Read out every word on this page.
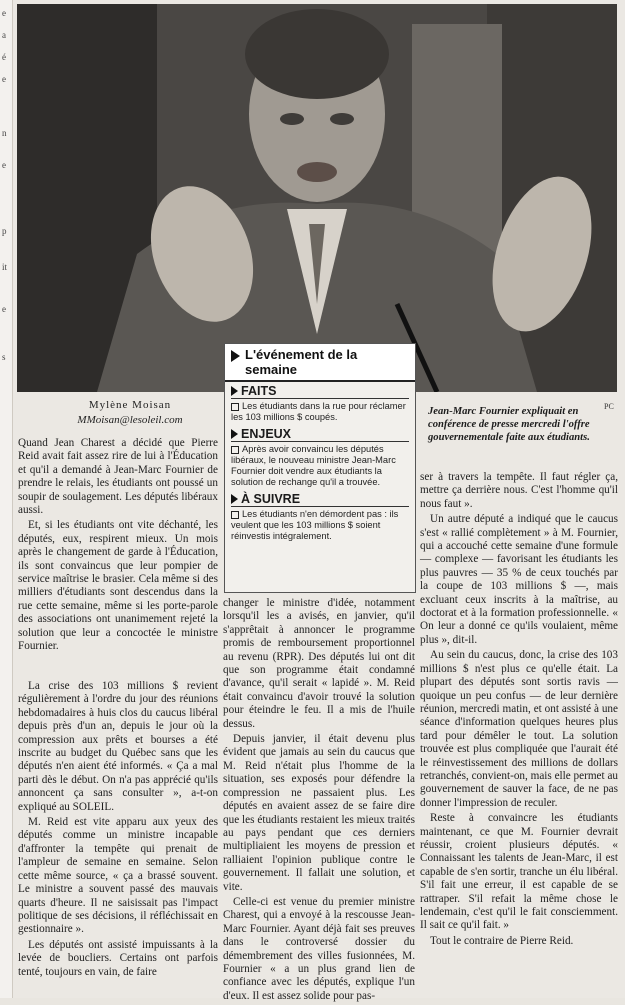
e
a
é
e
n
e
p
it
e
s
PC
Mylène Moisan
MMoisan@lesoleil.com
Jean-Marc Fournier expliquait en conférence de presse mercredi l'offre gouvernementale faite aux étudiants.

Quand Jean Charest a décidé que Pierre Reid avait fait assez rire de lui à l'Éducation et qu'il a demandé à Jean-Marc Fournier de prendre le relais, les étudiants ont poussé un soupir de soulagement. Les députés libéraux aussi.

Et, si les étudiants ont vite déchanté, les députés, eux, respirent mieux. Un mois après le changement de garde à l'Éducation, ils sont convaincus que leur pompier de service maîtrise le brasier. Cela même si des milliers d'étudiants sont descendus dans la rue cette semaine, même si les porte-parole des associations ont unanimement rejeté la solution que leur a concoctée le ministre Fournier.

La crise des 103 millions $ revient régulièrement à l'ordre du jour des réunions hebdomadaires à huis clos du caucus libéral depuis près d'un an, depuis le jour où la compression aux prêts et bourses a été inscrite au budget du Québec sans que les députés n'en aient été informés. « Ça a mal parti dès le début. On n'a pas apprécié qu'ils annoncent ça sans consulter », a-t-on expliqué au SOLEIL.

M. Reid est vite apparu aux yeux des députés comme un ministre incapable d'affronter la tempête qui prenait de l'ampleur de semaine en semaine. Selon cette même source, « ça a brassé souvent. Le ministre a souvent passé des mauvais quarts d'heure. Il ne saisissait pas l'impact politique de ses décisions, il réfléchissait en gestionnaire ».

Les députés ont assisté impuissants à la levée de boucliers. Certains ont parfois tenté, toujours en vain, de faire

L'événement de la semaine
FAITS
Les étudiants dans la rue pour réclamer les 103 millions $ coupés.
ENJEUX
Après avoir convaincu les députés libéraux, le nouveau ministre Jean-Marc Fournier doit vendre aux étudiants la solution de rechange qu'il a trouvée.
À SUIVRE
Les étudiants n'en démordent pas : ils veulent que les 103 millions $ soient réinvestis intégralement.

changer le ministre d'idée, notamment lorsqu'il les a avisés, en janvier, qu'il s'apprêtait à annoncer le programme promis de remboursement proportionnel au revenu (RPR). Des députés lui ont dit que son programme était condamné d'avance, qu'il serait « lapidé ». M. Reid était convaincu d'avoir trouvé la solution pour éteindre le feu. Il a mis de l'huile dessus.

Depuis janvier, il était devenu plus évident que jamais au sein du caucus que M. Reid n'était plus l'homme de la situation, ses exposés pour défendre la compression ne passaient plus. Les députés en avaient assez de se faire dire que les étudiants restaient les mieux traités au pays pendant que ces derniers multipliaient les moyens de pression et ralliaient l'opinion publique contre le gouvernement. Il fallait une solution, et vite.

Celle-ci est venue du premier ministre Charest, qui a envoyé à la rescousse Jean-Marc Fournier. Ayant déjà fait ses preuves dans le controversé dossier du démembrement des villes fusionnées, M. Fournier « a un plus grand lien de confiance avec les députés, explique l'un d'eux. Il est assez solide pour pas-

ser à travers la tempête. Il faut régler ça, mettre ça derrière nous. C'est l'homme qu'il nous faut ».

Un autre député a indiqué que le caucus s'est « rallié complètement » à M. Fournier, qui a accouché cette semaine d'une formule — complexe — favorisant les étudiants les plus pauvres — 35 % de ceux touchés par la coupe de 103 millions $ —, mais excluant ceux inscrits à la maîtrise, au doctorat et à la formation professionnelle. « On leur a donné ce qu'ils voulaient, même plus », dit-il.

Au sein du caucus, donc, la crise des 103 millions $ n'est plus ce qu'elle était. La plupart des députés sont sortis ravis — quoique un peu confus — de leur dernière réunion, mercredi matin, et ont assisté à une séance d'information quelques heures plus tard pour démêler le tout. La solution trouvée est plus compliquée que l'aurait été le réinvestissement des millions de dollars retranchés, convient-on, mais elle permet au gouvernement de sauver la face, de ne pas donner l'impression de reculer.

Reste à convaincre les étudiants maintenant, ce que M. Fournier devrait réussir, croient plusieurs députés. « Connaissant les talents de Jean-Marc, il est capable de s'en sortir, tranche un élu libéral. S'il fait une erreur, il est capable de se rattraper. S'il refait la même chose le lendemain, c'est qu'il le fait consciemment. Il sait ce qu'il fait. »

Tout le contraire de Pierre Reid.
